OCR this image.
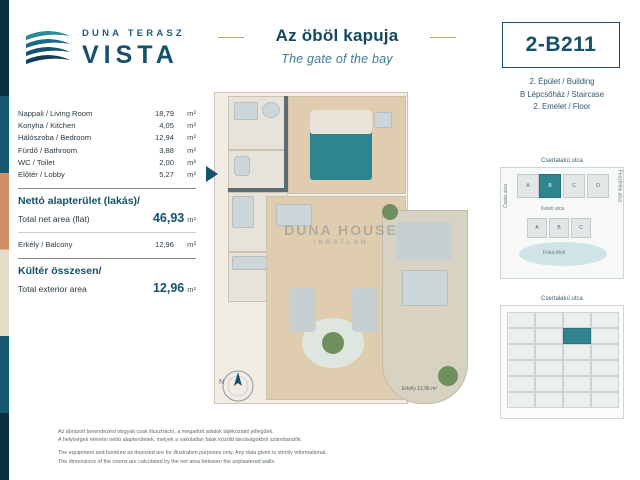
DUNA TERASZ
VISTA
Az öböl kapuja
The gate of the bay
2-B211
2. Épület / Building
B Lépcsőház / Staircase
2. Emelet / Floor
Nappali / Living Room	18,79	m²
Konyha / Kitchen	4,05	m²
Hálószoba / Bedroom	12,94	m²
Fürdő / Bathroom	3,88	m²
WC / Toilet	2,00	m²
Előtér / Lobby	5,27	m²
Nettó alapterület (lakás)/
Total net area (flat)	46,93 m²
Erkély / Balcony	12,96	m²
Kültér összesen/
Total exterior area	12,96 m²
Erkély 12,96 m²
N
DUNA HOUSE
INGATLAN
Csertalakú utca
A	B	C	D
Csata utca	Fesztelek utca
Keleti utca
A	B	C
Foka-öböl
Csertalakú utca

Az ábrázolt berendezési tárgyak csak illusztráció, a megadott adatok tájékoztató jellegűek.
A helyiségek méretei nettó alapterületek, melyek a vakolatlan falak közötti távolságokból számítandók.

The equipment and furniture as depicted are for illustration purposes only. Any data given is strictly informational.
The dimensions of the rooms are calculated by the net area between the unplastered walls.
